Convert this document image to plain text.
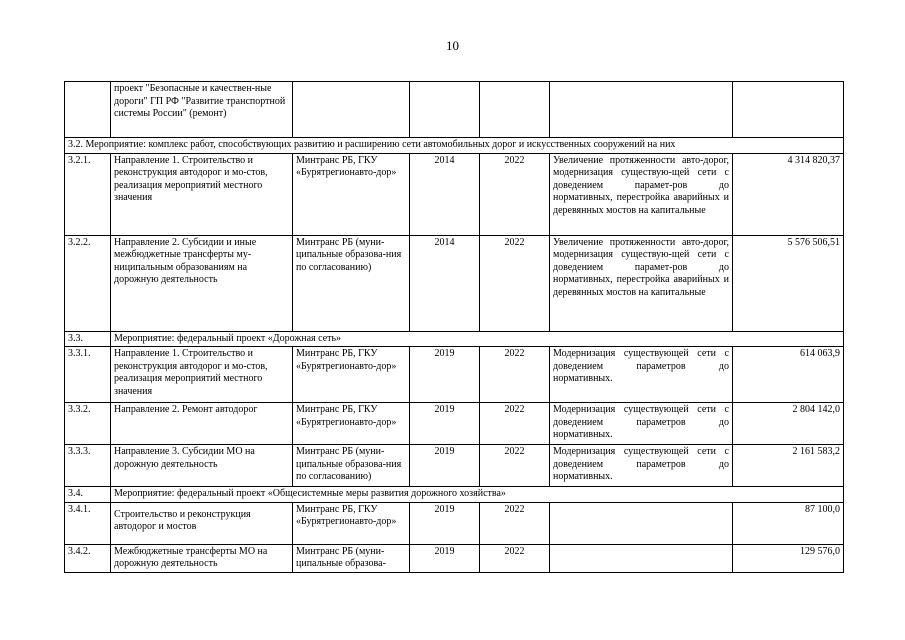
10
	проект "Безопасные и качествен-ные дороги" ГП РФ "Развитие транспортной системы России" (ремонт)					
3.2. Мероприятие: комплекс работ, способствующих развитию и расширению сети автомобильных дорог и искусственных сооружений на них						
3.2.1.	Направление 1. Строительство и реконструкция автодорог и мо-стов, реализация мероприятий местного значения	Минтранс РБ, ГКУ «Бурятрегионавто-дор»	2014	2022	Увеличение протяженности авто-дорог, модернизация существую-щей сети с доведением парамет-ров до нормативных, перестройка аварийных и деревянных мостов на капитальные	4 314 820,37
3.2.2.	Направление 2. Субсидии и иные межбюджетные трансферты му-ниципальным образованиям на дорожную деятельность	Минтранс РБ (муни-ципальные образова-ния по согласованию)	2014	2022	Увеличение протяженности авто-дорог, модернизация существую-щей сети с доведением парамет-ров до нормативных, перестройка аварийных и деревянных мостов на капитальные	5 576 506,51
3.3.	Мероприятие: федеральный проект «Дорожная сеть»					
3.3.1.	Направление 1. Строительство и реконструкция автодорог и мо-стов, реализация мероприятий местного значения	Минтранс РБ, ГКУ «Бурятрегионавто-дор»	2019	2022	Модернизация существующей сети с доведением параметров до нормативных.	614 063,9
3.3.2.	Направление 2. Ремонт автодорог	Минтранс РБ, ГКУ «Бурятрегионавто-дор»	2019	2022	Модернизация существующей сети с доведением параметров до нормативных.	2 804 142,0
3.3.3.	Направление 3. Субсидии МО на дорожную деятельность	Минтранс РБ (муни-ципальные образова-ния по согласованию)	2019	2022	Модернизация существующей сети с доведением параметров до нормативных.	2 161 583,2
3.4.	Мероприятие: федеральный проект «Общесистемные меры развития дорожного хозяйства»					
3.4.1.	Строительство и реконструкция автодорог и мостов	Минтранс РБ, ГКУ «Бурятрегионавто-дор»	2019	2022		87 100,0
3.4.2.	Межбюджетные трансферты МО на дорожную деятельность	Минтранс РБ (муни-ципальные образова-	2019	2022		129 576,0
